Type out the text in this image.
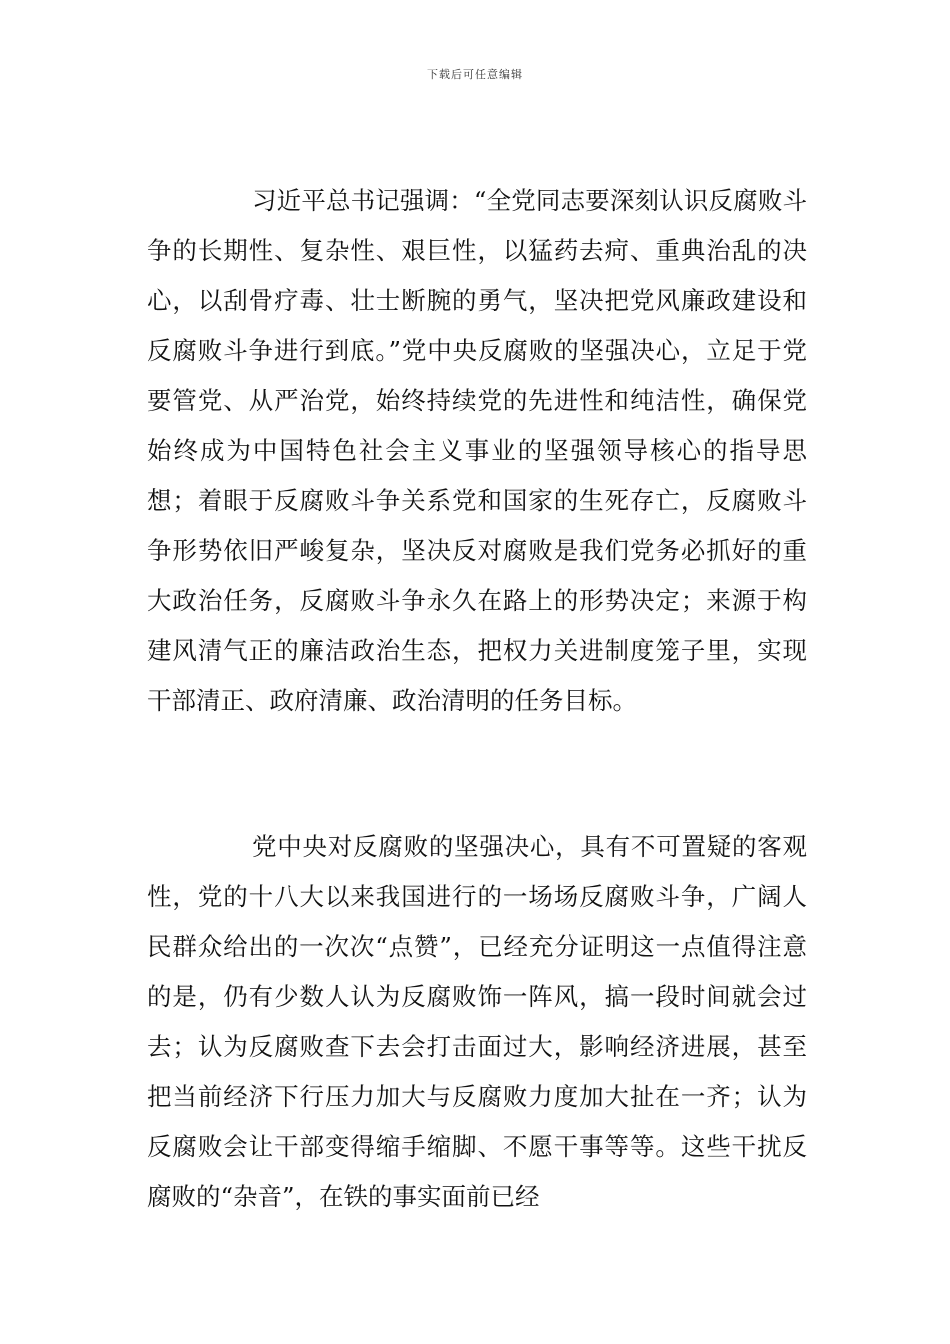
下载后可任意编辑

习近平总书记强调：“全党同志要深刻认识反腐败斗争的长期性、复杂性、艰巨性，以猛药去疴、重典治乱的决心，以刮骨疗毒、壮士断腕的勇气，坚决把党风廉政建设和反腐败斗争进行到底。”党中央反腐败的坚强决心，立足于党要管党、从严治党，始终持续党的先进性和纯洁性，确保党始终成为中国特色社会主义事业的坚强领导核心的指导思想；着眼于反腐败斗争关系党和国家的生死存亡，反腐败斗争形势依旧严峻复杂，坚决反对腐败是我们党务必抓好的重大政治任务，反腐败斗争永久在路上的形势决定；来源于构建风清气正的廉洁政治生态，把权力关进制度笼子里，实现干部清正、政府清廉、政治清明的任务目标。

党中央对反腐败的坚强决心，具有不可置疑的客观性，党的十八大以来我国进行的一场场反腐败斗争，广阔人民群众给出的一次次“点赞”，已经充分证明这一点值得注意的是，仍有少数人认为反腐败饰一阵风，搞一段时间就会过去；认为反腐败查下去会打击面过大，影响经济进展，甚至把当前经济下行压力加大与反腐败力度加大扯在一齐；认为反腐败会让干部变得缩手缩脚、不愿干事等等。这些干扰反腐败的“杂音”，在铁的事实面前已经
